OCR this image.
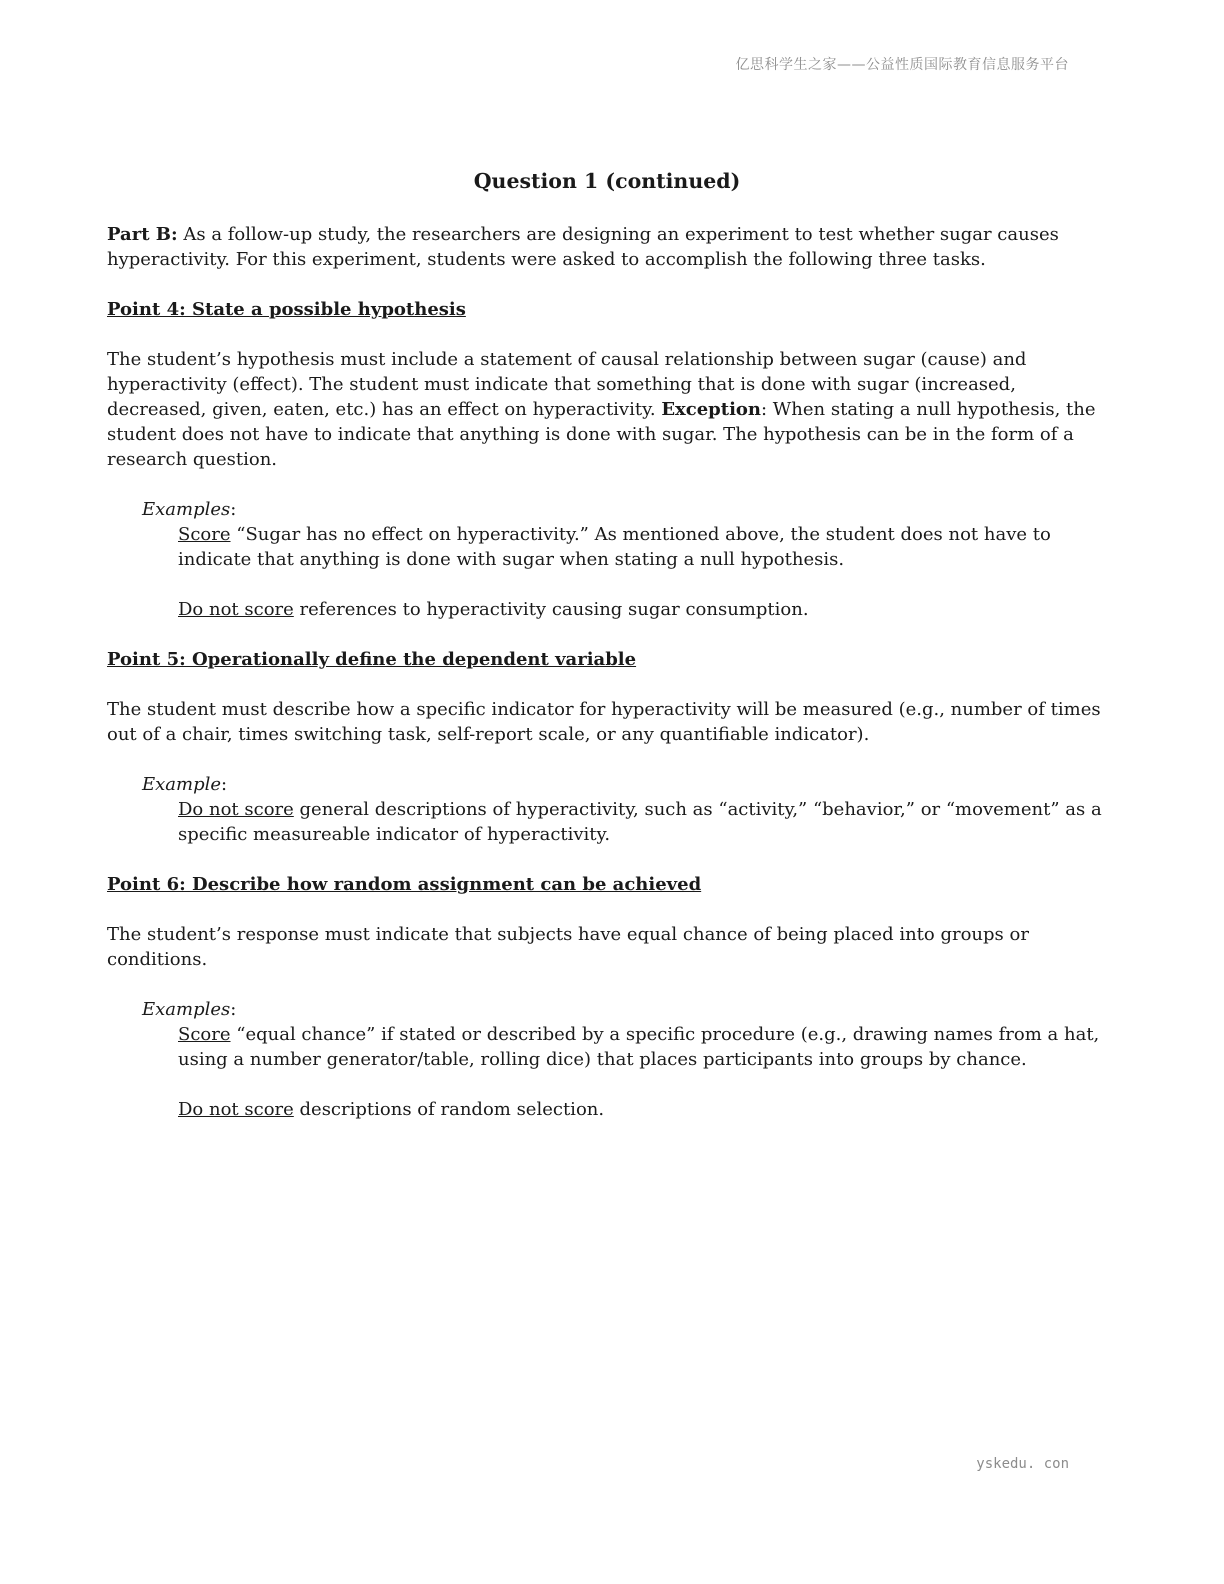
亿思科学生之家——公益性质国际教育信息服务平台
Question 1 (continued)

Part B: As a follow-up study, the researchers are designing an experiment to test whether sugar causes hyperactivity. For this experiment, students were asked to accomplish the following three tasks.

Point 4: State a possible hypothesis

The student’s hypothesis must include a statement of causal relationship between sugar (cause) and hyperactivity (effect). The student must indicate that something that is done with sugar (increased, decreased, given, eaten, etc.) has an effect on hyperactivity. Exception: When stating a null hypothesis, the student does not have to indicate that anything is done with sugar. The hypothesis can be in the form of a research question.

Examples:

Score “Sugar has no effect on hyperactivity.” As mentioned above, the student does not have to indicate that anything is done with sugar when stating a null hypothesis.

Do not score references to hyperactivity causing sugar consumption.

Point 5: Operationally define the dependent variable

The student must describe how a specific indicator for hyperactivity will be measured (e.g., number of times out of a chair, times switching task, self-report scale, or any quantifiable indicator).

Example:

Do not score general descriptions of hyperactivity, such as “activity,” “behavior,” or “movement” as a specific measureable indicator of hyperactivity.

Point 6: Describe how random assignment can be achieved

The student’s response must indicate that subjects have equal chance of being placed into groups or conditions.

Examples:

Score “equal chance” if stated or described by a specific procedure (e.g., drawing names from a hat, using a number generator/table, rolling dice) that places participants into groups by chance.

Do not score descriptions of random selection.

yskedu. con
